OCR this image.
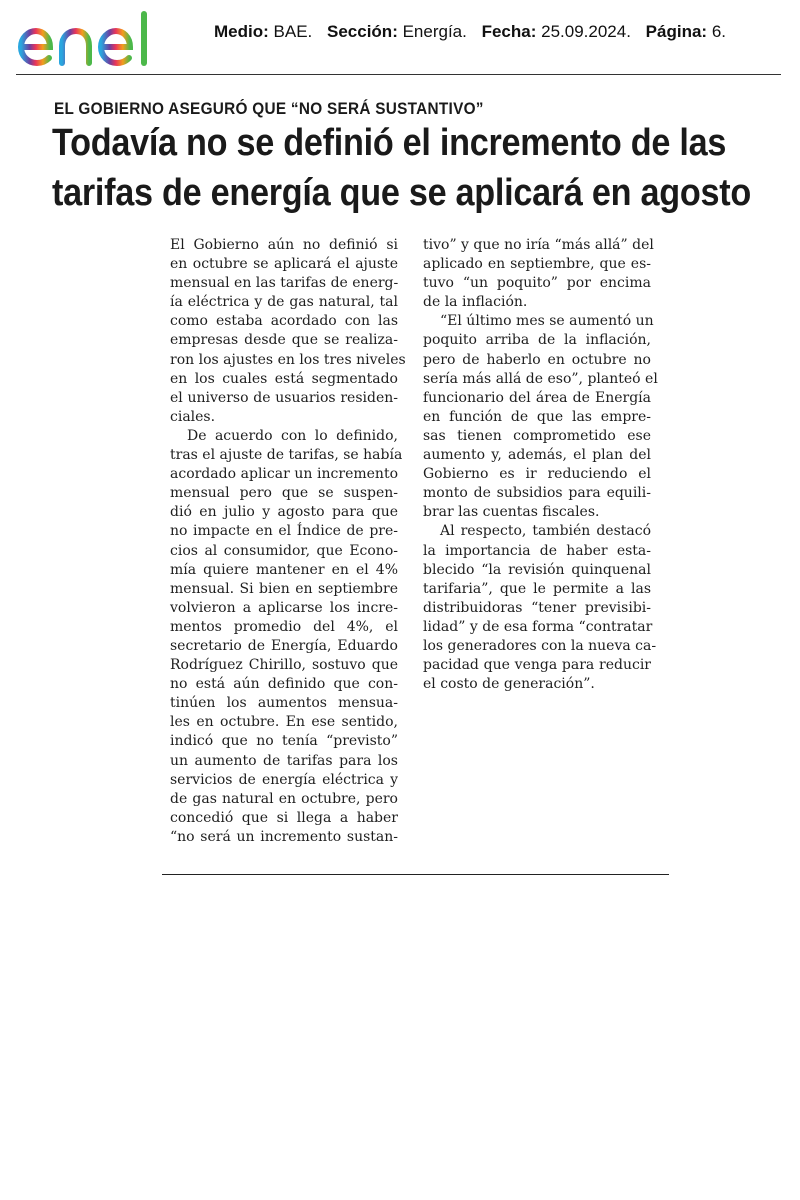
Medio: BAE. Sección: Energía. Fecha: 25.09.2024. Página: 6.
EL GOBIERNO ASEGURÓ QUE “NO SERÁ SUSTANTIVO”
Todavía no se definió el incremento de las
tarifas de energía que se aplicará en agosto
El Gobierno aún no definió si
en octubre se aplicará el ajuste
mensual en las tarifas de energ-
ía eléctrica y de gas natural, tal
como estaba acordado con las
empresas desde que se realiza-
ron los ajustes en los tres niveles
en los cuales está segmentado
el universo de usuarios residen-
ciales.
De acuerdo con lo definido,
tras el ajuste de tarifas, se había
acordado aplicar un incremento
mensual pero que se suspen-
dió en julio y agosto para que
no impacte en el Índice de pre-
cios al consumidor, que Econo-
mía quiere mantener en el 4%
mensual. Si bien en septiembre
volvieron a aplicarse los incre-
mentos promedio del 4%, el
secretario de Energía, Eduardo
Rodríguez Chirillo, sostuvo que
no está aún definido que con-
tinúen los aumentos mensua-
les en octubre. En ese sentido,
indicó que no tenía “previsto”
un aumento de tarifas para los
servicios de energía eléctrica y
de gas natural en octubre, pero
concedió que si llega a haber
“no será un incremento sustan-
tivo” y que no iría “más allá” del
aplicado en septiembre, que es-
tuvo “un poquito” por encima
de la inflación.
“El último mes se aumentó un
poquito arriba de la inflación,
pero de haberlo en octubre no
sería más allá de eso”, planteó el
funcionario del área de Energía
en función de que las empre-
sas tienen comprometido ese
aumento y, además, el plan del
Gobierno es ir reduciendo el
monto de subsidios para equili-
brar las cuentas fiscales.
Al respecto, también destacó
la importancia de haber esta-
blecido “la revisión quinquenal
tarifaria”, que le permite a las
distribuidoras “tener previsibi-
lidad” y de esa forma “contratar
los generadores con la nueva ca-
pacidad que venga para reducir
el costo de generación”.
